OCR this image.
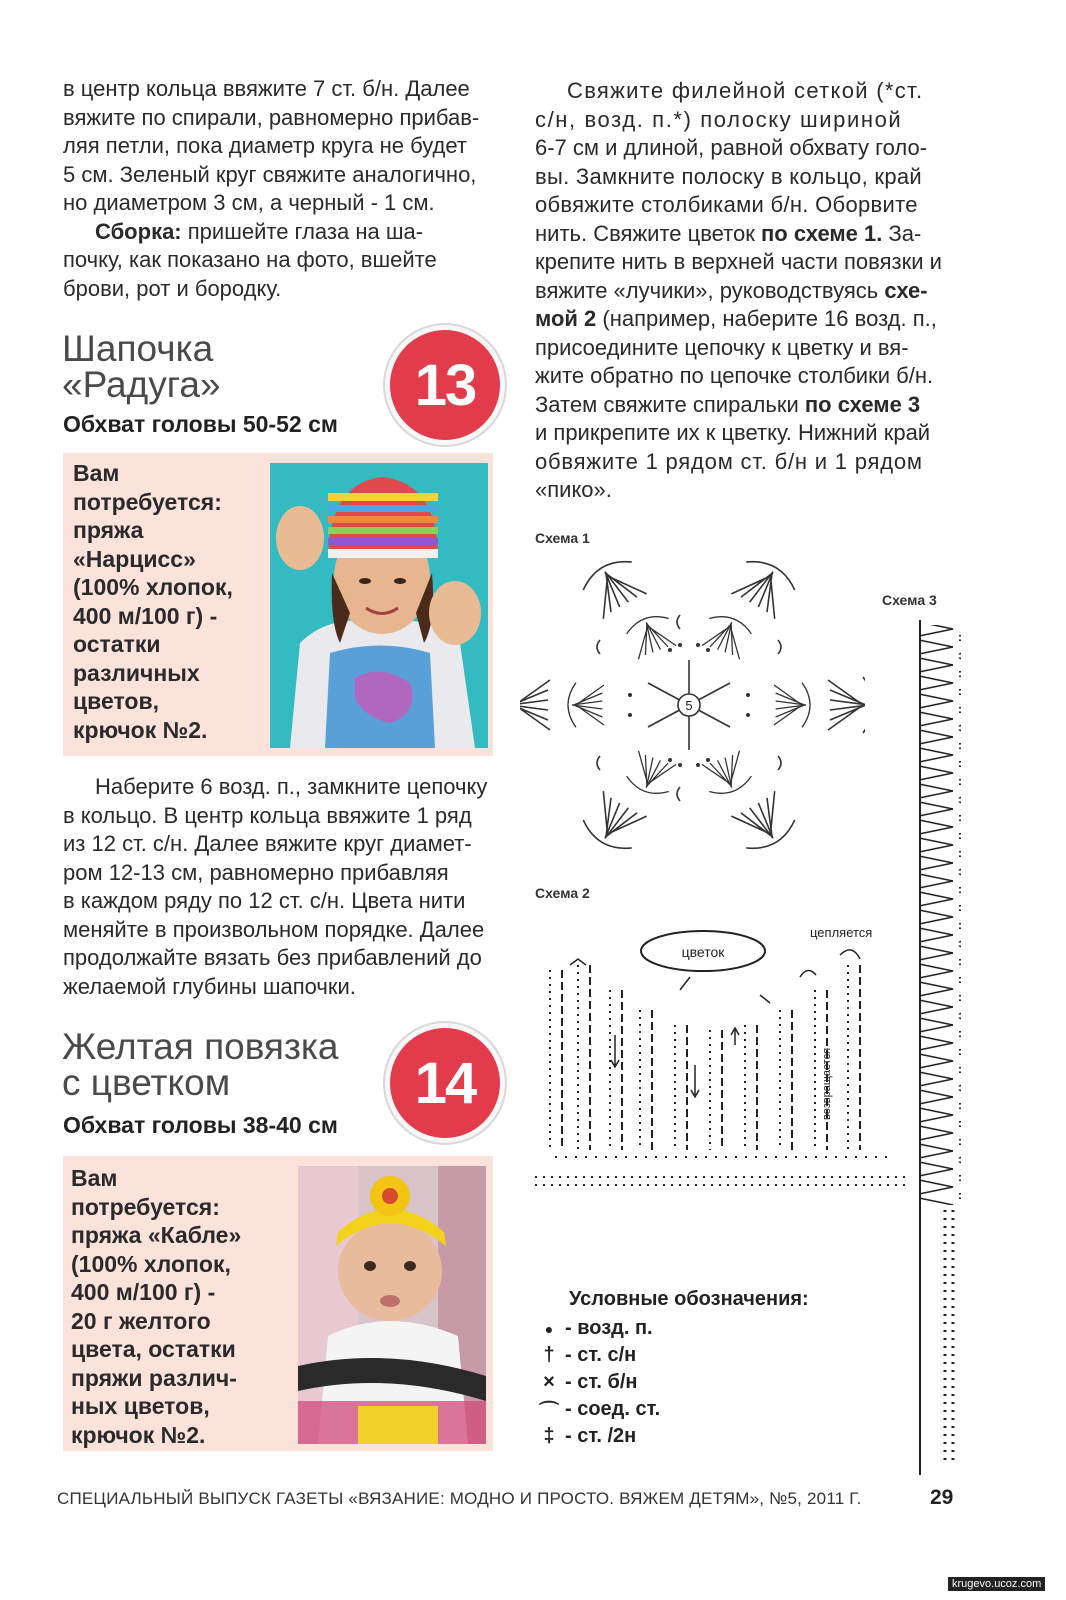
в центр кольца ввяжите 7 ст. б/н. Далее
вяжите по спирали, равномерно прибав-
ляя петли, пока диаметр круга не будет
5 см. Зеленый круг свяжите аналогично,
но диаметром 3 см, а черный - 1 см.
Сборка: пришейте глаза на ша-
почку, как показано на фото, вшейте
брови, рот и бородку.
Шапочка
«Радуга»	13
Обхват головы 50-52 см
Вам
потребуется:
пряжа
«Нарцисс»
(100% хлопок,
400 м/100 г) -
остатки
различных
цветов,
крючок №2.
Наберите 6 возд. п., замкните цепочку
в кольцо. В центр кольца ввяжите 1 ряд
из 12 ст. с/н. Далее вяжите круг диамет-
ром 12-13 см, равномерно прибавляя
в каждом ряду по 12 ст. с/н. Цвета нити
меняйте в произвольном порядке. Далее
продолжайте вязать без прибавлений до
желаемой глубины шапочки.
Желтая повязка
с цветком	14
Обхват головы 38-40 см
Вам
потребуется:
пряжа «Кабле»
(100% хлопок,
400 м/100 г) -
20 г желтого
цвета, остатки
пряжи различ-
ных цветов,
крючок №2.
Свяжите филейной сеткой (*ст.
с/н, возд. п.*) полоску шириной
6-7 см и длиной, равной обхвату голо-
вы. Замкните полоску в кольцо, край
обвяжите столбиками б/н. Оборвите
нить. Свяжите цветок по схеме 1. За-
крепите нить в верхней части повязки и
вяжите «лучики», руководствуясь схе-
мой 2 (например, наберите 16 возд. п.,
присоедините цепочку к цветку и вя-
жите обратно по цепочке столбики б/н.
Затем свяжите спиральки по схеме 3
и прикрепите их к цветку. Нижний край
обвяжите 1 рядом ст. б/н и 1 рядом
«пико».
Схема 1
5
Схема 2
цветок
цепляется
возвращается
Схема 3
Условные обозначения:
● - возд. п.
† - ст. с/н
× - ст. б/н
⌒ - соед. ст.
‡ - ст. /2н
СПЕЦИАЛЬНЫЙ ВЫПУСК ГАЗЕТЫ «ВЯЗАНИЕ: МОДНО И ПРОСТО. ВЯЖЕМ ДЕТЯМ», №5, 2011 Г.	29
krugevo.ucoz.com
